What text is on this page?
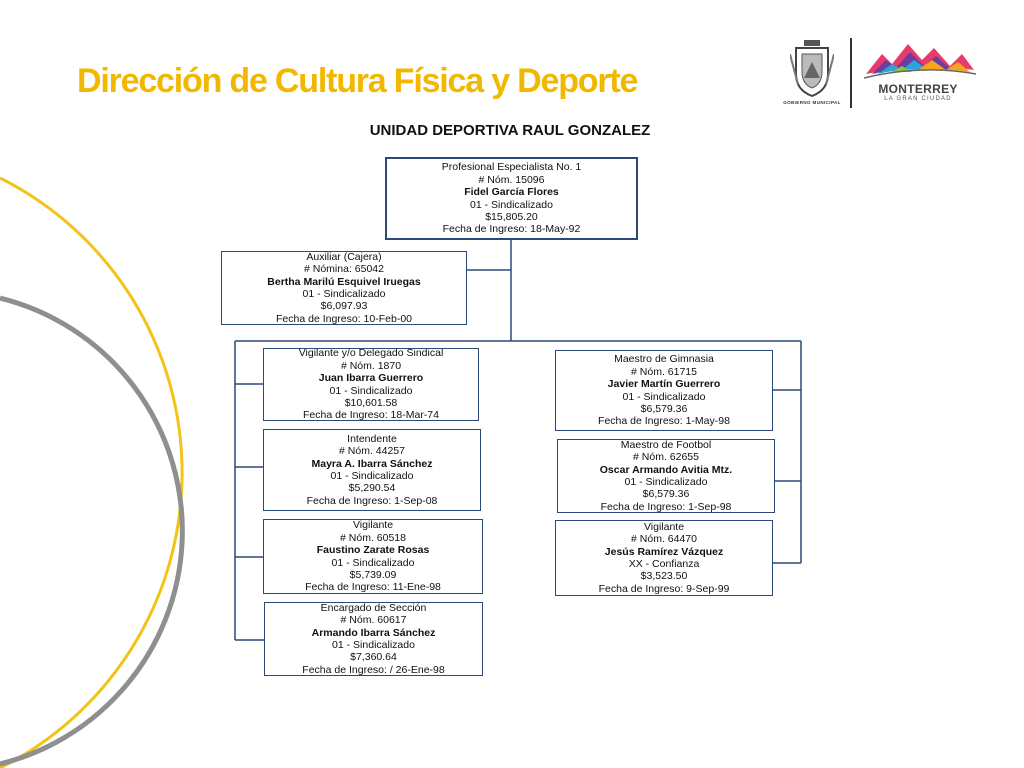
Dirección de Cultura Física y Deporte
UNIDAD DEPORTIVA RAUL GONZALEZ
GOBIERNO MUNICIPAL
MONTERREY
LA GRAN CIUDAD
Profesional Especialista No. 1
# Nóm. 15096
Fidel García Flores
01 - Sindicalizado
$15,805.20
Fecha de Ingreso: 18-May-92
Auxiliar (Cajera)
# Nómina: 65042
Bertha Marilú Esquivel Iruegas
01 - Sindicalizado
$6,097.93
Fecha de Ingreso: 10-Feb-00
Vigilante y/o Delegado Sindical
# Nóm. 1870
Juan Ibarra Guerrero
01 - Sindicalizado
$10,601.58
Fecha de Ingreso: 18-Mar-74
Intendente
# Nóm. 44257
Mayra A. Ibarra Sánchez
01 - Sindicalizado
$5,290.54
Fecha de Ingreso: 1-Sep-08
Vigilante
# Nóm. 60518
Faustino Zarate Rosas
01 - Sindicalizado
$5,739.09
Fecha de Ingreso: 11-Ene-98
Encargado de Sección
# Nóm. 60617
Armando Ibarra Sánchez
01 - Sindicalizado
$7,360.64
Fecha de Ingreso: / 26-Ene-98
Maestro de Gimnasia
# Nóm. 61715
Javier Martín Guerrero
01 - Sindicalizado
$6,579.36
Fecha de Ingreso: 1-May-98
Maestro de Footbol
# Nóm. 62655
Oscar Armando Avitia Mtz.
01 - Sindicalizado
$6,579.36
Fecha de Ingreso: 1-Sep-98
Vigilante
# Nóm. 64470
Jesús Ramírez Vázquez
XX - Confianza
$3,523.50
Fecha de Ingreso: 9-Sep-99
